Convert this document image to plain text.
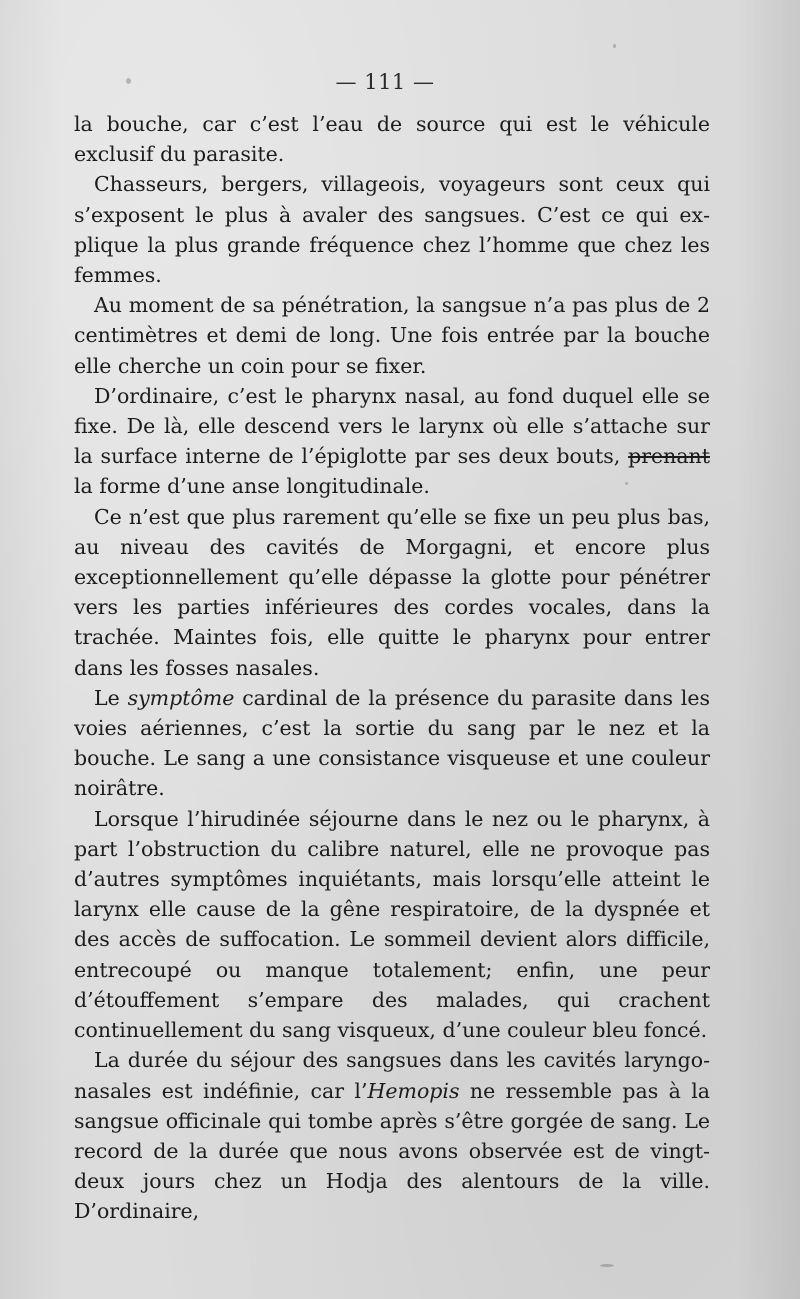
— 111 —

la bouche, car c’est l’eau de source qui est le véhicule exclusif du parasite.

Chasseurs, bergers, villageois, voyageurs sont ceux qui s’exposent le plus à avaler des sangsues. C’est ce qui explique la plus grande fréquence chez l’homme que chez les femmes.

Au moment de sa pénétration, la sangsue n’a pas plus de 2 centimètres et demi de long. Une fois entrée par la bouche elle cherche un coin pour se fixer.

D’ordinaire, c’est le pharynx nasal, au fond duquel elle se fixe. De là, elle descend vers le larynx où elle s’attache sur la surface interne de l’épiglotte par ses deux bouts, prenant la forme d’une anse longitudinale.

Ce n’est que plus rarement qu’elle se fixe un peu plus bas, au niveau des cavités de Morgagni, et encore plus exceptionnellement qu’elle dépasse la glotte pour pénétrer vers les parties inférieures des cordes vocales, dans la trachée. Maintes fois, elle quitte le pharynx pour entrer dans les fosses nasales.

Le symptôme cardinal de la présence du parasite dans les voies aériennes, c’est la sortie du sang par le nez et la bouche. Le sang a une consistance visqueuse et une couleur noirâtre.

Lorsque l’hirudinée séjourne dans le nez ou le pharynx, à part l’obstruction du calibre naturel, elle ne provoque pas d’autres symptômes inquiétants, mais lorsqu’elle atteint le larynx elle cause de la gêne respiratoire, de la dyspnée et des accès de suffocation. Le sommeil devient alors difficile, entrecoupé ou manque totalement; enfin, une peur d’étouffement s’empare des malades, qui crachent continuellement du sang visqueux, d’une couleur bleu foncé.

La durée du séjour des sangsues dans les cavités laryngonasales est indéfinie, car l’Hemopis ne ressemble pas à la sangsue officinale qui tombe après s’être gorgée de sang. Le record de la durée que nous avons observée est de vingt-deux jours chez un Hodja des alentours de la ville. D’ordinaire,
